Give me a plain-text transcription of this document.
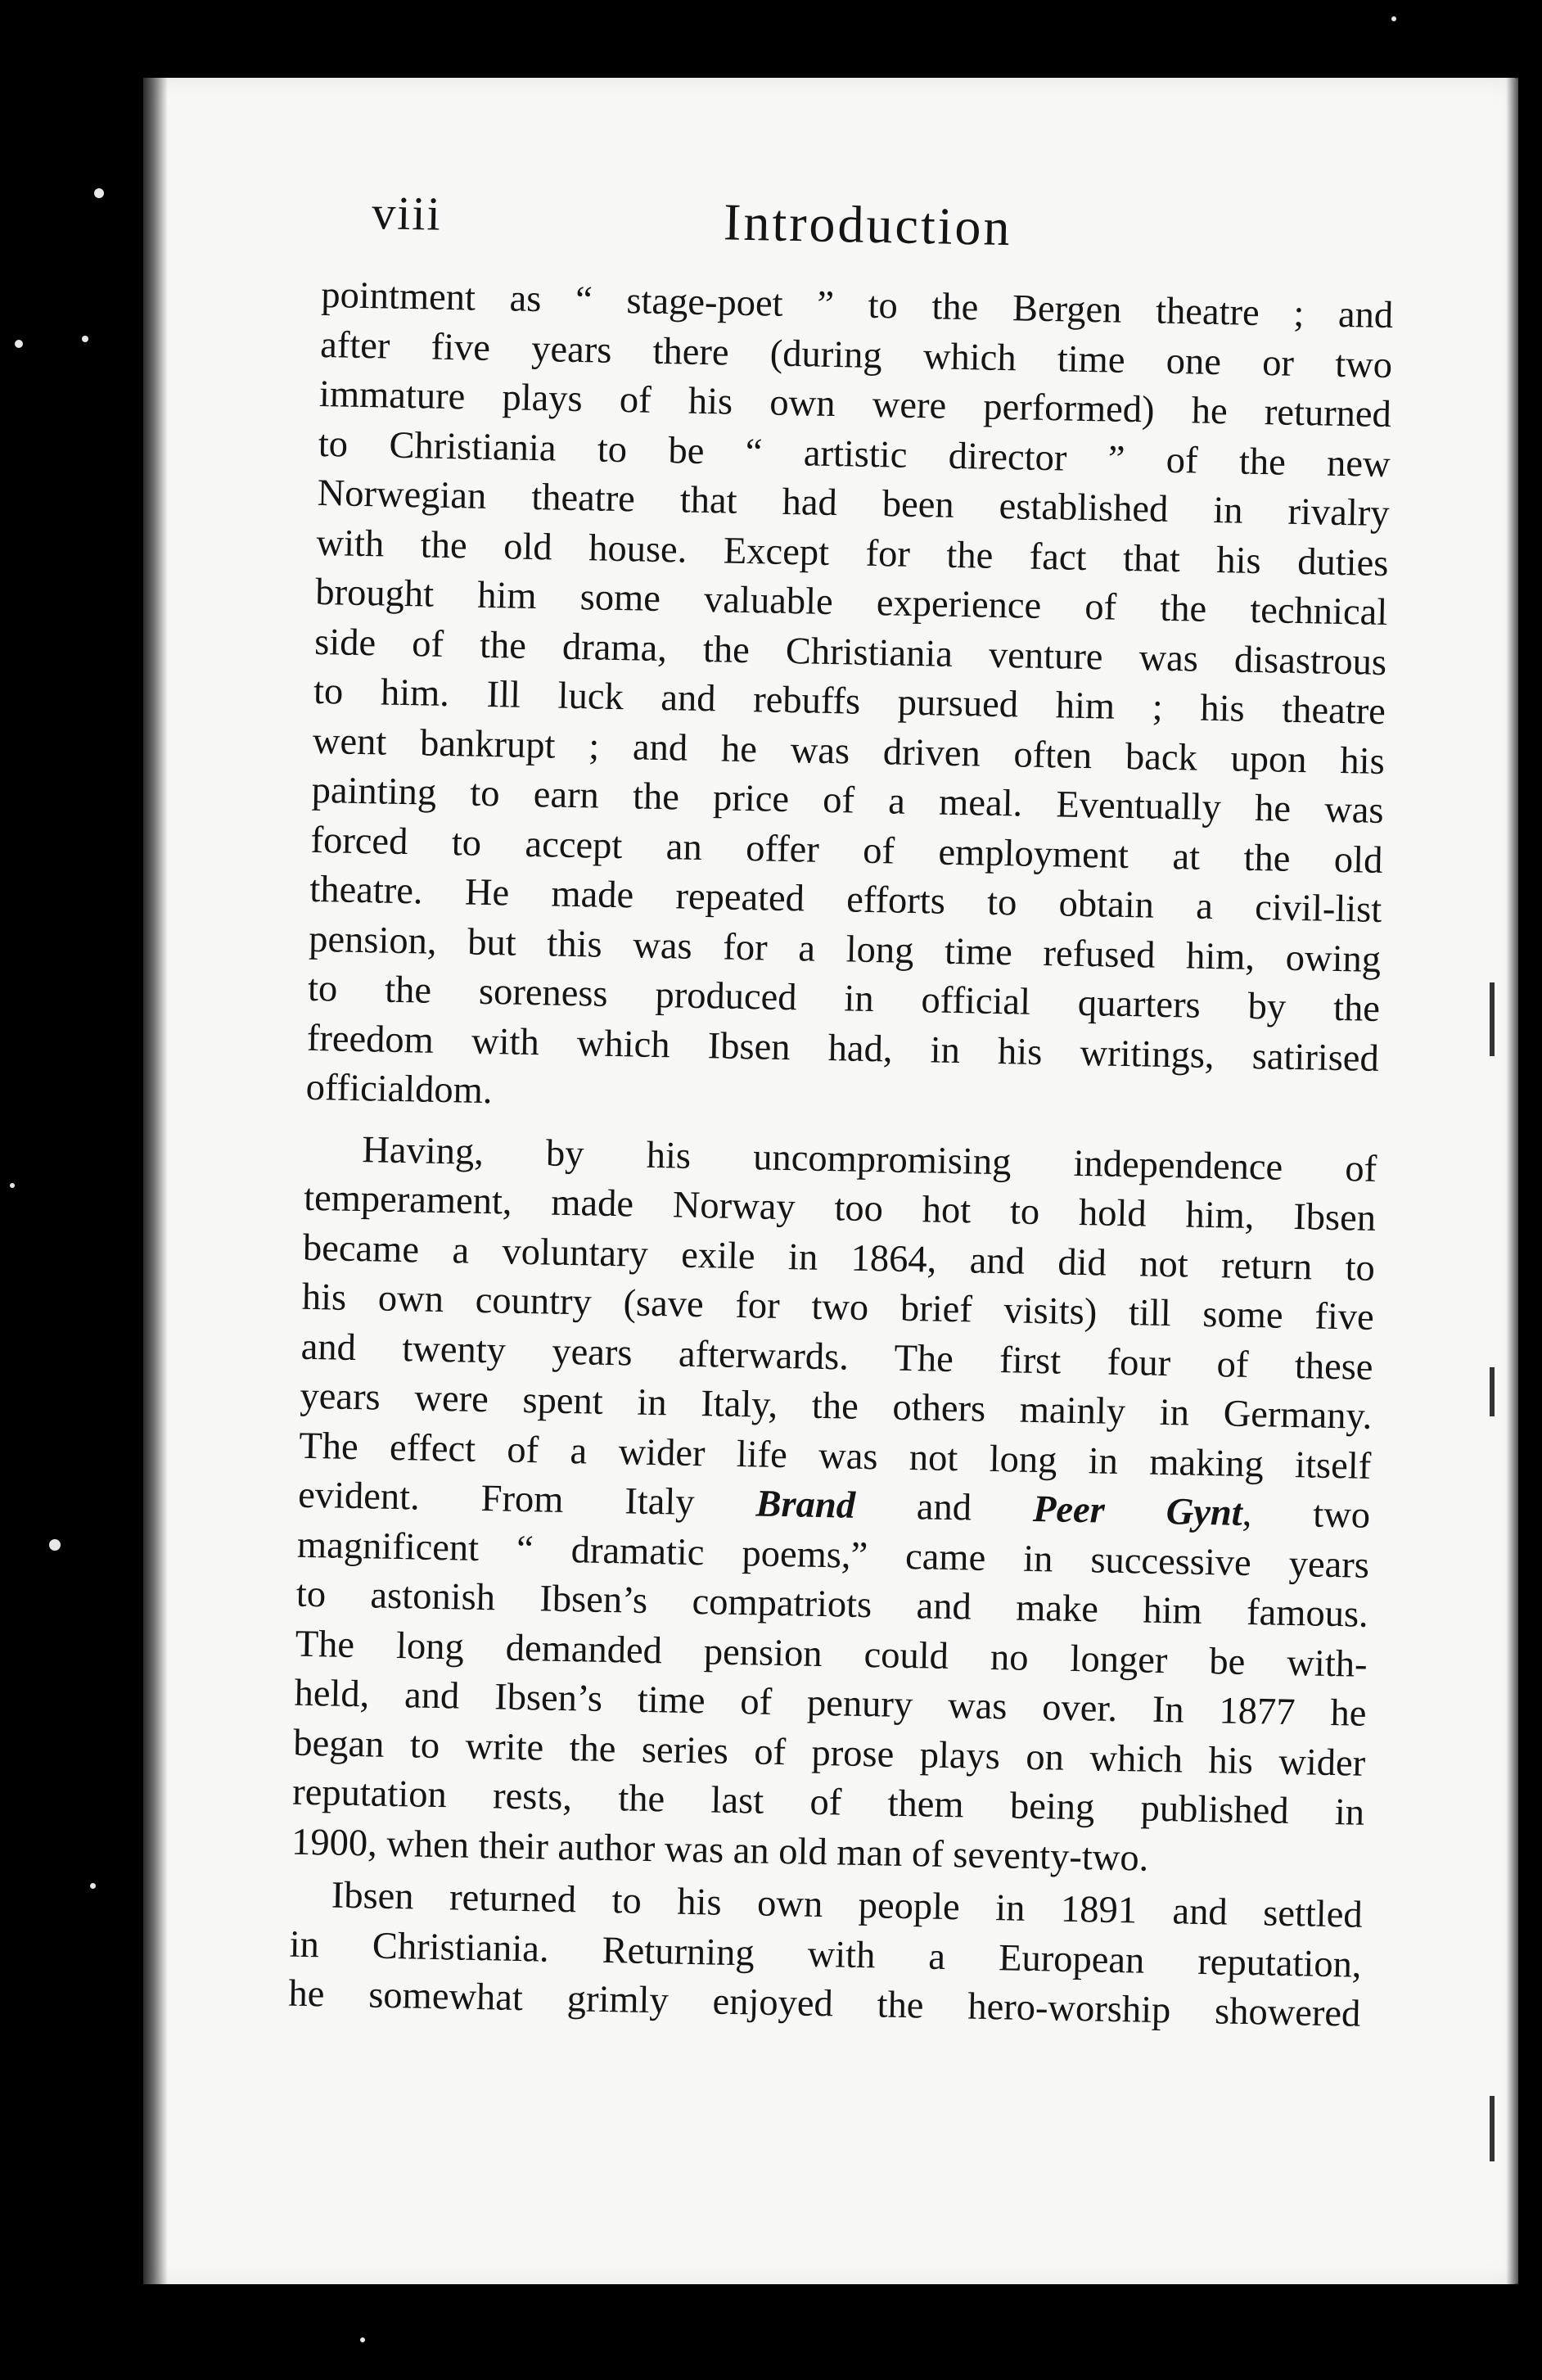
viii	Introduction
pointment as “ stage-poet ” to the Bergen theatre ; and
after five years there (during which time one or two
immature plays of his own were performed) he returned
to Christiania to be “ artistic director ” of the new
Norwegian theatre that had been established in rivalry
with the old house. Except for the fact that his duties
brought him some valuable experience of the technical
side of the drama, the Christiania venture was disastrous
to him. Ill luck and rebuffs pursued him ; his theatre
went bankrupt ; and he was driven often back upon his
painting to earn the price of a meal. Eventually he was
forced to accept an offer of employment at the old
theatre. He made repeated efforts to obtain a civil-list
pension, but this was for a long time refused him, owing
to the soreness produced in official quarters by the
freedom with which Ibsen had, in his writings, satirised
officialdom.
Having, by his uncompromising independence of
temperament, made Norway too hot to hold him, Ibsen
became a voluntary exile in 1864, and did not return to
his own country (save for two brief visits) till some five
and twenty years afterwards. The first four of these
years were spent in Italy, the others mainly in Germany.
The effect of a wider life was not long in making itself
evident. From Italy Brand and Peer Gynt, two
magnificent “ dramatic poems,” came in successive years
to astonish Ibsen’s compatriots and make him famous.
The long demanded pension could no longer be with-
held, and Ibsen’s time of penury was over. In 1877 he
began to write the series of prose plays on which his wider
reputation rests, the last of them being published in
1900, when their author was an old man of seventy-two.
Ibsen returned to his own people in 1891 and settled
in Christiania. Returning with a European reputation,
he somewhat grimly enjoyed the hero-worship showered
